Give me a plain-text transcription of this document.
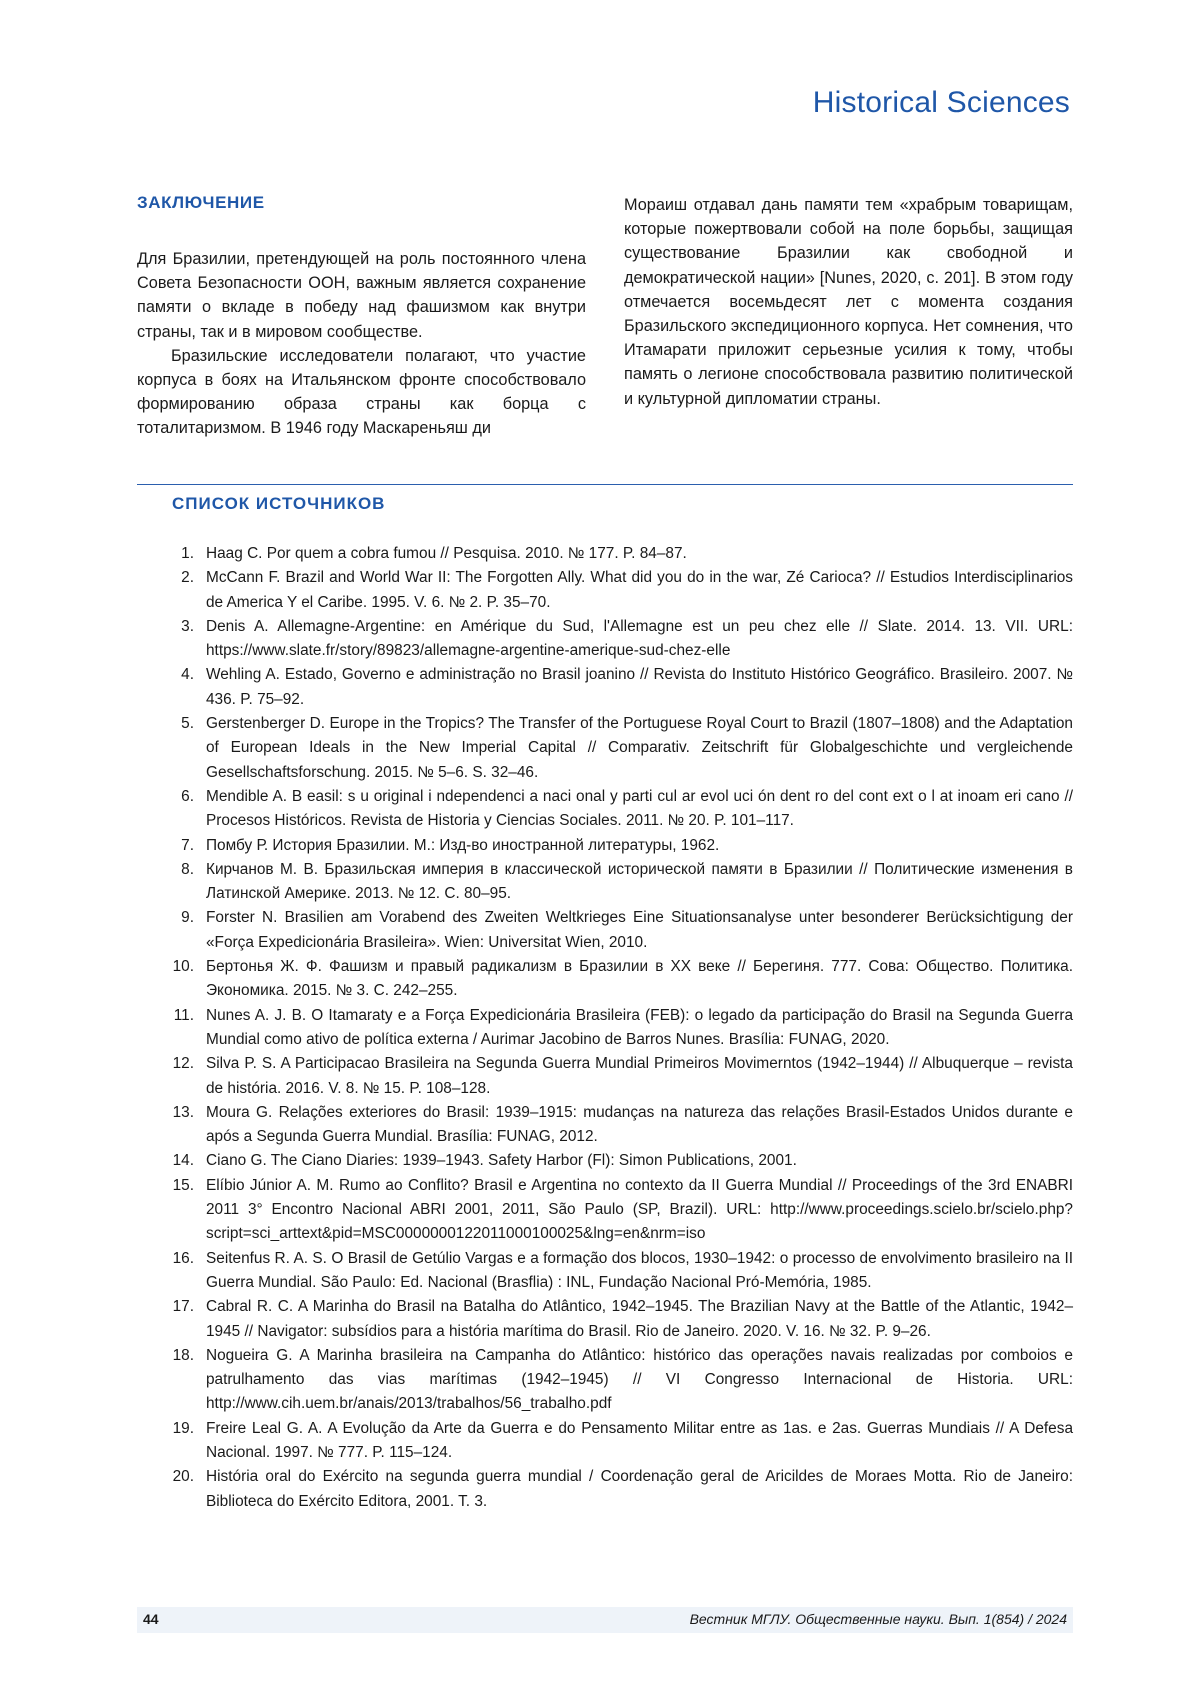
Historical Sciences
ЗАКЛЮЧЕНИЕ

Для Бразилии, претендующей на роль постоянного члена Совета Безопасности ООН, важным является сохранение памяти о вкладе в победу над фашизмом как внутри страны, так и в мировом сообществе.

Бразильские исследователи полагают, что участие корпуса в боях на Итальянском фронте способствовало формированию образа страны как борца с тоталитаризмом. В 1946 году Маскареньяш ди

Мораиш отдавал дань памяти тем «храбрым товарищам, которые пожертвовали собой на поле борьбы, защищая существование Бразилии как свободной и демократической нации» [Nunes, 2020, с. 201]. В этом году отмечается восемьдесят лет с момента создания Бразильского экспедиционного корпуса. Нет сомнения, что Итамарати приложит серьезные усилия к тому, чтобы память о легионе способствовала развитию политической и культурной дипломатии страны.

СПИСОК ИСТОЧНИКОВ
1. Haag C. Por quem a cobra fumou // Pesquisa. 2010. № 177. P. 84–87.
2. McCann F. Brazil and World War II: The Forgotten Ally. What did you do in the war, Zé Carioca? // Estudios Interdisciplinarios de America Y el Caribe. 1995. V. 6. № 2. P. 35–70.
3. Denis A. Allemagne-Argentine: en Amérique du Sud, l'Allemagne est un peu chez elle // Slate. 2014. 13. VII. URL: https://www.slate.fr/story/89823/allemagne-argentine-amerique-sud-chez-elle
4. Wehling A. Estado, Governo e administração no Brasil joanino // Revista do Instituto Histórico Geográfico. Brasileiro. 2007. № 436. P. 75–92.
5. Gerstenberger D. Europe in the Tropics? The Transfer of the Portuguese Royal Court to Brazil (1807–1808) and the Adaptation of European Ideals in the New Imperial Capital // Comparativ. Zeitschrift für Globalgeschichte und vergleichende Gesellschaftsforschung. 2015. № 5–6. S. 32–46.
6. Mendible A. B easil: s u original i ndependenci a naci onal y parti cul ar evol uci ón dent ro del cont ext o l at inoam eri cano // Procesos Históricos. Revista de Historia y Ciencias Sociales. 2011. № 20. P. 101–117.
7. Помбу Р. История Бразилии. М.: Изд-во иностранной литературы, 1962.
8. Кирчанов М. В. Бразильская империя в классической исторической памяти в Бразилии // Политические изменения в Латинской Америке. 2013. № 12. С. 80–95.
9. Forster N. Brasilien am Vorabend des Zweiten Weltkrieges Eine Situationsanalyse unter besonderer Berücksichtigung der «Força Expedicionária Brasileira». Wien: Universitat Wien, 2010.
10. Бертонья Ж. Ф. Фашизм и правый радикализм в Бразилии в XX веке // Берегиня. 777. Сова: Общество. Политика. Экономика. 2015. № 3. С. 242–255.
11. Nunes A. J. B. O Itamaraty e a Força Expedicionária Brasileira (FEB): o legado da participação do Brasil na Segunda Guerra Mundial como ativo de política externa / Aurimar Jacobino de Barros Nunes. Brasília: FUNAG, 2020.
12. Silva P. S. A Participacao Brasileira na Segunda Guerra Mundial Primeiros Movimerntos (1942–1944) // Albuquerque – revista de história. 2016. V. 8. № 15. P. 108–128.
13. Moura G. Relações exteriores do Brasil: 1939–1915: mudanças na natureza das relações Brasil-Estados Unidos durante e após a Segunda Guerra Mundial. Brasília: FUNAG, 2012.
14. Ciano G. The Ciano Diaries: 1939–1943. Safety Harbor (Fl): Simon Publications, 2001.
15. Elíbio Júnior A. M. Rumo ao Conflito? Brasil e Argentina no contexto da II Guerra Mundial // Proceedings of the 3rd ENABRI 2011 3° Encontro Nacional ABRI 2001, 2011, São Paulo (SP, Brazil). URL: http://www.proceedings.scielo.br/scielo.php?script=sci_arttext&pid=MSC0000000122011000100025&lng=en&nrm=iso
16. Seitenfus R. A. S. O Brasil de Getúlio Vargas e a formação dos blocos, 1930–1942: o processo de envolvimento brasileiro na II Guerra Mundial. São Paulo: Ed. Nacional (Brasflia) : INL, Fundação Nacional Pró-Memória, 1985.
17. Cabral R. C. A Marinha do Brasil na Batalha do Atlântico, 1942–1945. The Brazilian Navy at the Battle of the Atlantic, 1942–1945 // Navigator: subsídios para a história marítima do Brasil. Rio de Janeiro. 2020. V. 16. № 32. P. 9–26.
18. Nogueira G. A Marinha brasileira na Campanha do Atlântico: histórico das operações navais realizadas por comboios e patrulhamento das vias marítimas (1942–1945) // VI Congresso Internacional de Historia. URL: http://www.cih.uem.br/anais/2013/trabalhos/56_trabalho.pdf
19. Freire Leal G. A. A Evolução da Arte da Guerra e do Pensamento Militar entre as 1as. e 2as. Guerras Mundiais // A Defesa Nacional. 1997. № 777. P. 115–124.
20. História oral do Exército na segunda guerra mundial / Coordenação geral de Aricildes de Moraes Motta. Rio de Janeiro: Biblioteca do Exército Editora, 2001. T. 3.
44	Вестник МГЛУ. Общественные науки. Вып. 1(854) / 2024
